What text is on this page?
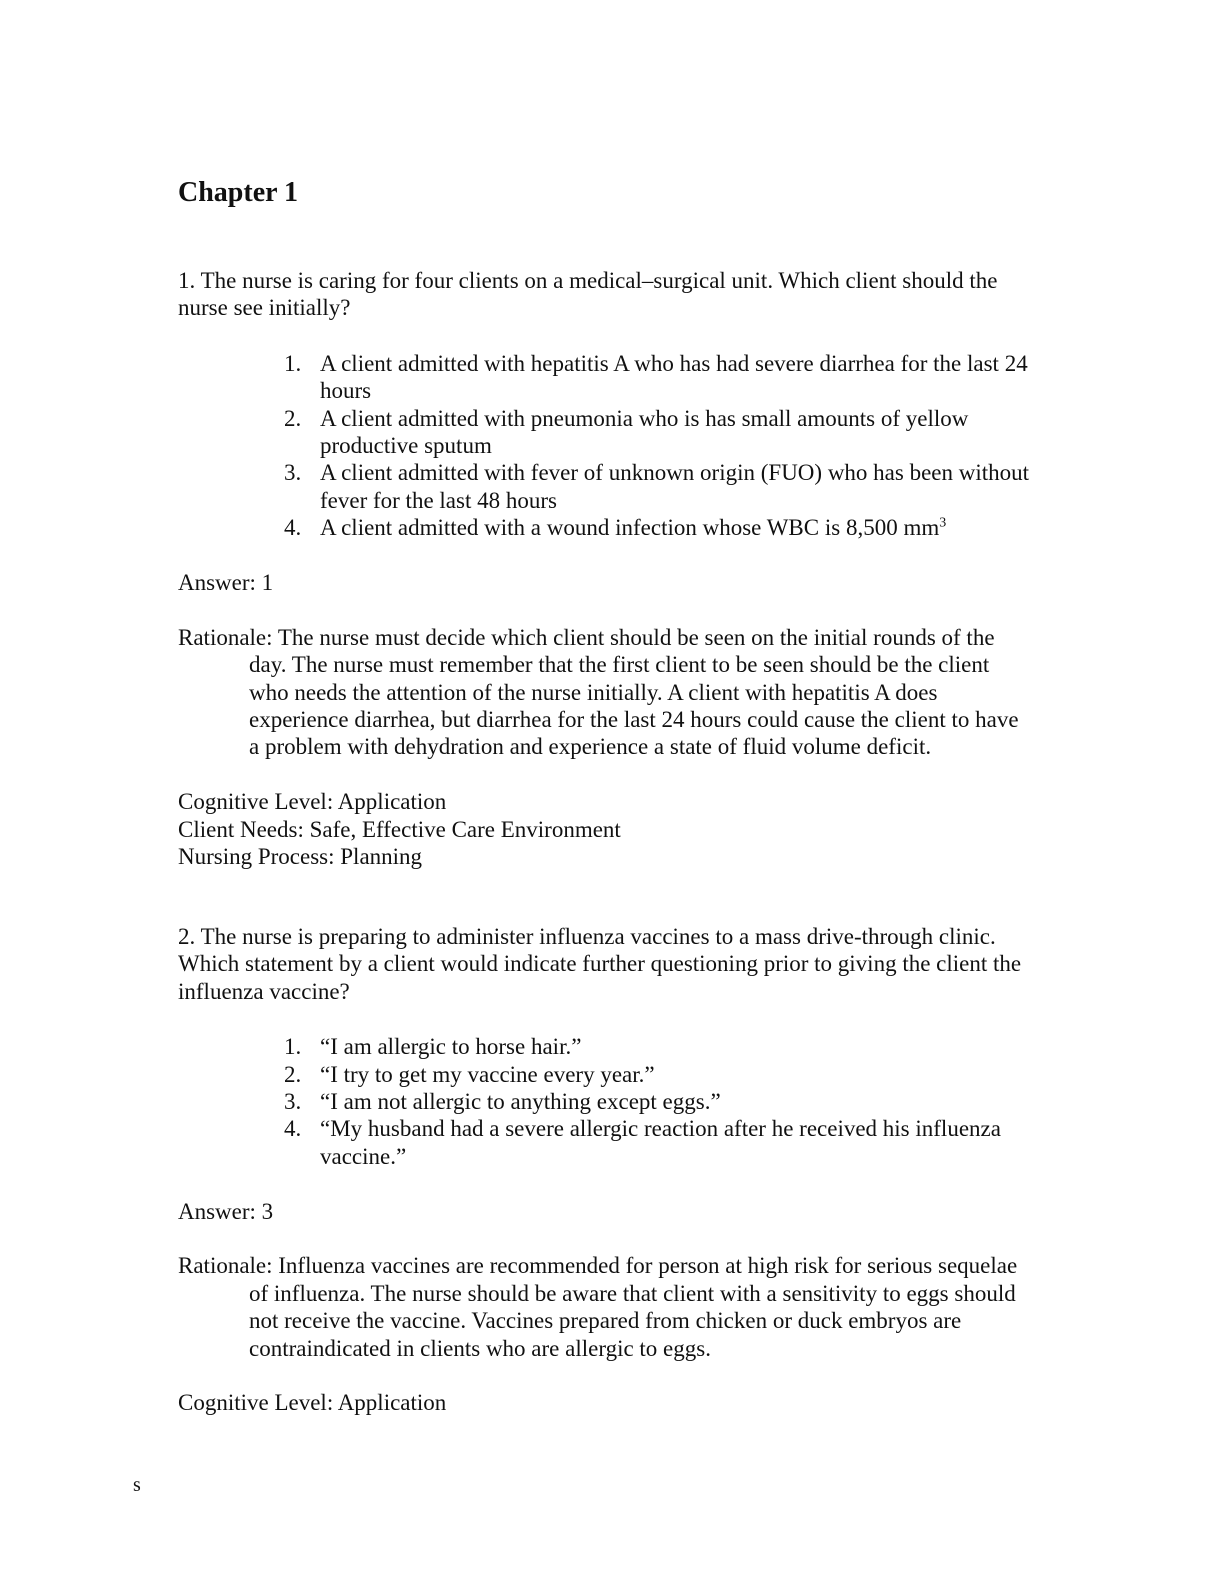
Chapter 1

1. The nurse is caring for four clients on a medical–surgical unit. Which client should the nurse see initially?

1. A client admitted with hepatitis A who has had severe diarrhea for the last 24 hours
2. A client admitted with pneumonia who is has small amounts of yellow productive sputum
3. A client admitted with fever of unknown origin (FUO) who has been without fever for the last 48 hours
4. A client admitted with a wound infection whose WBC is 8,500 $mm^3$

Answer: 1

Rationale: The nurse must decide which client should be seen on the initial rounds of the day. The nurse must remember that the first client to be seen should be the client who needs the attention of the nurse initially. A client with hepatitis A does experience diarrhea, but diarrhea for the last 24 hours could cause the client to have a problem with dehydration and experience a state of fluid volume deficit.

Cognitive Level: Application
Client Needs: Safe, Effective Care Environment
Nursing Process: Planning

2. The nurse is preparing to administer influenza vaccines to a mass drive-through clinic. Which statement by a client would indicate further questioning prior to giving the client the influenza vaccine?

1. “I am allergic to horse hair.”
2. “I try to get my vaccine every year.”
3. “I am not allergic to anything except eggs.”
4. “My husband had a severe allergic reaction after he received his influenza vaccine.”

Answer: 3

Rationale: Influenza vaccines are recommended for person at high risk for serious sequelae of influenza. The nurse should be aware that client with a sensitivity to eggs should not receive the vaccine. Vaccines prepared from chicken or duck embryos are contraindicated in clients who are allergic to eggs.

Cognitive Level: Application
s
